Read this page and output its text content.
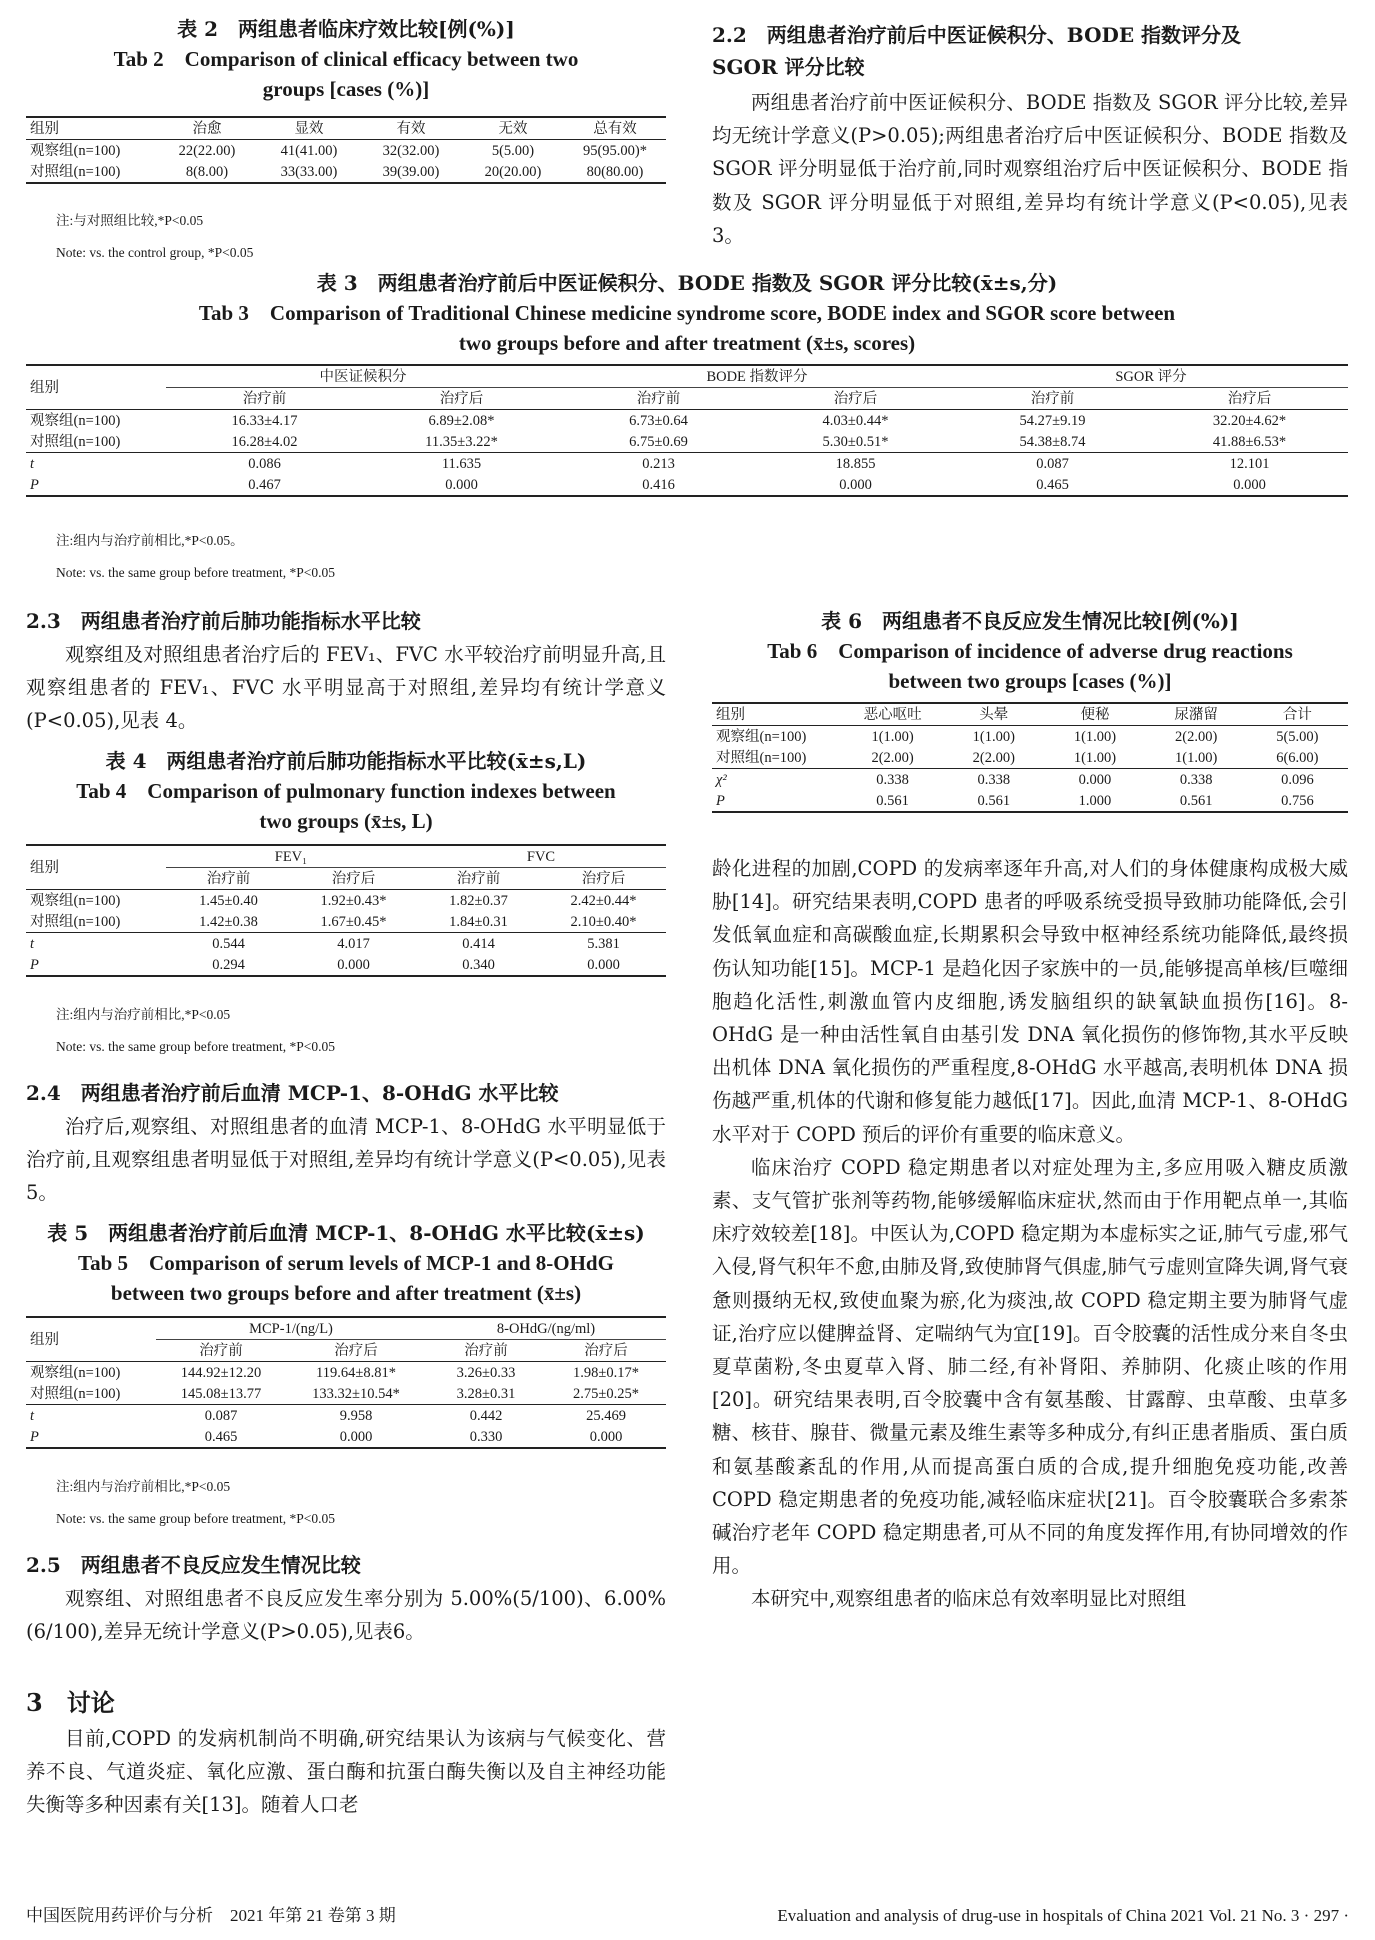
表 2　两组患者临床疗效比较[例(%)]
Tab 2　Comparison of clinical efficacy between two
groups [cases (%)]
组别	治愈	显效	有效	无效	总有效
观察组(n=100)	22(22.00)	41(41.00)	32(32.00)	5(5.00)	95(95.00)*
对照组(n=100)	8(8.00)	33(33.00)	39(39.00)	20(20.00)	80(80.00)
注:与对照组比较,*P<0.05
Note: vs. the control group, *P<0.05
2.2　两组患者治疗前后中医证候积分、BODE 指数评分及
SGOR 评分比较

两组患者治疗前中医证候积分、BODE 指数及 SGOR 评分比较,差异均无统计学意义(P>0.05);两组患者治疗后中医证候积分、BODE 指数及 SGOR 评分明显低于治疗前,同时观察组治疗后中医证候积分、BODE 指数及 SGOR 评分明显低于对照组,差异均有统计学意义(P<0.05),见表 3。

表 3　两组患者治疗前后中医证候积分、BODE 指数及 SGOR 评分比较(x̄±s,分)
Tab 3　Comparison of Traditional Chinese medicine syndrome score, BODE index and SGOR score between
two groups before and after treatment (x̄±s, scores)
组别	中医证候积分		BODE 指数评分		SGOR 评分	
	治疗前	治疗后	治疗前	治疗后	治疗前	治疗后
观察组(n=100)	16.33±4.17	6.89±2.08*	6.73±0.64	4.03±0.44*	54.27±9.19	32.20±4.62*
对照组(n=100)	16.28±4.02	11.35±3.22*	6.75±0.69	5.30±0.51*	54.38±8.74	41.88±6.53*
t	0.086	11.635	0.213	18.855	0.087	12.101
P	0.467	0.000	0.416	0.000	0.465	0.000
注:组内与治疗前相比,*P<0.05。
Note: vs. the same group before treatment, *P<0.05
2.3　两组患者治疗前后肺功能指标水平比较

观察组及对照组患者治疗后的 FEV₁、FVC 水平较治疗前明显升高,且观察组患者的 FEV₁、FVC 水平明显高于对照组,差异均有统计学意义(P<0.05),见表 4。

表 4　两组患者治疗前后肺功能指标水平比较(x̄±s,L)
Tab 4　Comparison of pulmonary function indexes between
two groups (x̄±s, L)
组别	FEV₁		FVC	
	治疗前	治疗后	治疗前	治疗后
观察组(n=100)	1.45±0.40	1.92±0.43*	1.82±0.37	2.42±0.44*
对照组(n=100)	1.42±0.38	1.67±0.45*	1.84±0.31	2.10±0.40*
t	0.544	4.017	0.414	5.381
P	0.294	0.000	0.340	0.000
注:组内与治疗前相比,*P<0.05
Note: vs. the same group before treatment, *P<0.05
2.4　两组患者治疗前后血清 MCP-1、8-OHdG 水平比较

治疗后,观察组、对照组患者的血清 MCP-1、8-OHdG 水平明显低于治疗前,且观察组患者明显低于对照组,差异均有统计学意义(P<0.05),见表 5。

表 5　两组患者治疗前后血清 MCP-1、8-OHdG 水平比较(x̄±s)
Tab 5　Comparison of serum levels of MCP-1 and 8-OHdG
between two groups before and after treatment (x̄±s)
组别	MCP-1/(ng/L)		8-OHdG/(ng/ml)	
	治疗前	治疗后	治疗前	治疗后
观察组(n=100)	144.92±12.20	119.64±8.81*	3.26±0.33	1.98±0.17*
对照组(n=100)	145.08±13.77	133.32±10.54*	3.28±0.31	2.75±0.25*
t	0.087	9.958	0.442	25.469
P	0.465	0.000	0.330	0.000
注:组内与治疗前相比,*P<0.05
Note: vs. the same group before treatment, *P<0.05
2.5　两组患者不良反应发生情况比较

观察组、对照组患者不良反应发生率分别为 5.00%(5/100)、6.00%(6/100),差异无统计学意义(P>0.05),见表6。

3　讨论

目前,COPD 的发病机制尚不明确,研究结果认为该病与气候变化、营养不良、气道炎症、氧化应激、蛋白酶和抗蛋白酶失衡以及自主神经功能失衡等多种因素有关[13]。随着人口老

表 6　两组患者不良反应发生情况比较[例(%)]
Tab 6　Comparison of incidence of adverse drug reactions
between two groups [cases (%)]
组别	恶心呕吐	头晕	便秘	尿潴留	合计
观察组(n=100)	1(1.00)	1(1.00)	1(1.00)	2(2.00)	5(5.00)
对照组(n=100)	2(2.00)	2(2.00)	1(1.00)	1(1.00)	6(6.00)
χ²	0.338	0.338	0.000	0.338	0.096
P	0.561	0.561	1.000	0.561	0.756

龄化进程的加剧,COPD 的发病率逐年升高,对人们的身体健康构成极大威胁[14]。研究结果表明,COPD 患者的呼吸系统受损导致肺功能降低,会引发低氧血症和高碳酸血症,长期累积会导致中枢神经系统功能降低,最终损伤认知功能[15]。MCP-1 是趋化因子家族中的一员,能够提高单核/巨噬细胞趋化活性,刺激血管内皮细胞,诱发脑组织的缺氧缺血损伤[16]。8-OHdG 是一种由活性氧自由基引发 DNA 氧化损伤的修饰物,其水平反映出机体 DNA 氧化损伤的严重程度,8-OHdG 水平越高,表明机体 DNA 损伤越严重,机体的代谢和修复能力越低[17]。因此,血清 MCP-1、8-OHdG 水平对于 COPD 预后的评价有重要的临床意义。

临床治疗 COPD 稳定期患者以对症处理为主,多应用吸入糖皮质激素、支气管扩张剂等药物,能够缓解临床症状,然而由于作用靶点单一,其临床疗效较差[18]。中医认为,COPD 稳定期为本虚标实之证,肺气亏虚,邪气入侵,肾气积年不愈,由肺及肾,致使肺肾气俱虚,肺气亏虚则宣降失调,肾气衰惫则摄纳无权,致使血聚为瘀,化为痰浊,故 COPD 稳定期主要为肺肾气虚证,治疗应以健脾益肾、定喘纳气为宜[19]。百令胶囊的活性成分来自冬虫夏草菌粉,冬虫夏草入肾、肺二经,有补肾阳、养肺阴、化痰止咳的作用[20]。研究结果表明,百令胶囊中含有氨基酸、甘露醇、虫草酸、虫草多糖、核苷、腺苷、微量元素及维生素等多种成分,有纠正患者脂质、蛋白质和氨基酸紊乱的作用,从而提高蛋白质的合成,提升细胞免疫功能,改善 COPD 稳定期患者的免疫功能,减轻临床症状[21]。百令胶囊联合多索茶碱治疗老年 COPD 稳定期患者,可从不同的角度发挥作用,有协同增效的作用。

本研究中,观察组患者的临床总有效率明显比对照组

中国医院用药评价与分析　2021 年第 21 卷第 3 期	Evaluation and analysis of drug-use in hospitals of China 2021 Vol. 21 No. 3 · 297 ·
